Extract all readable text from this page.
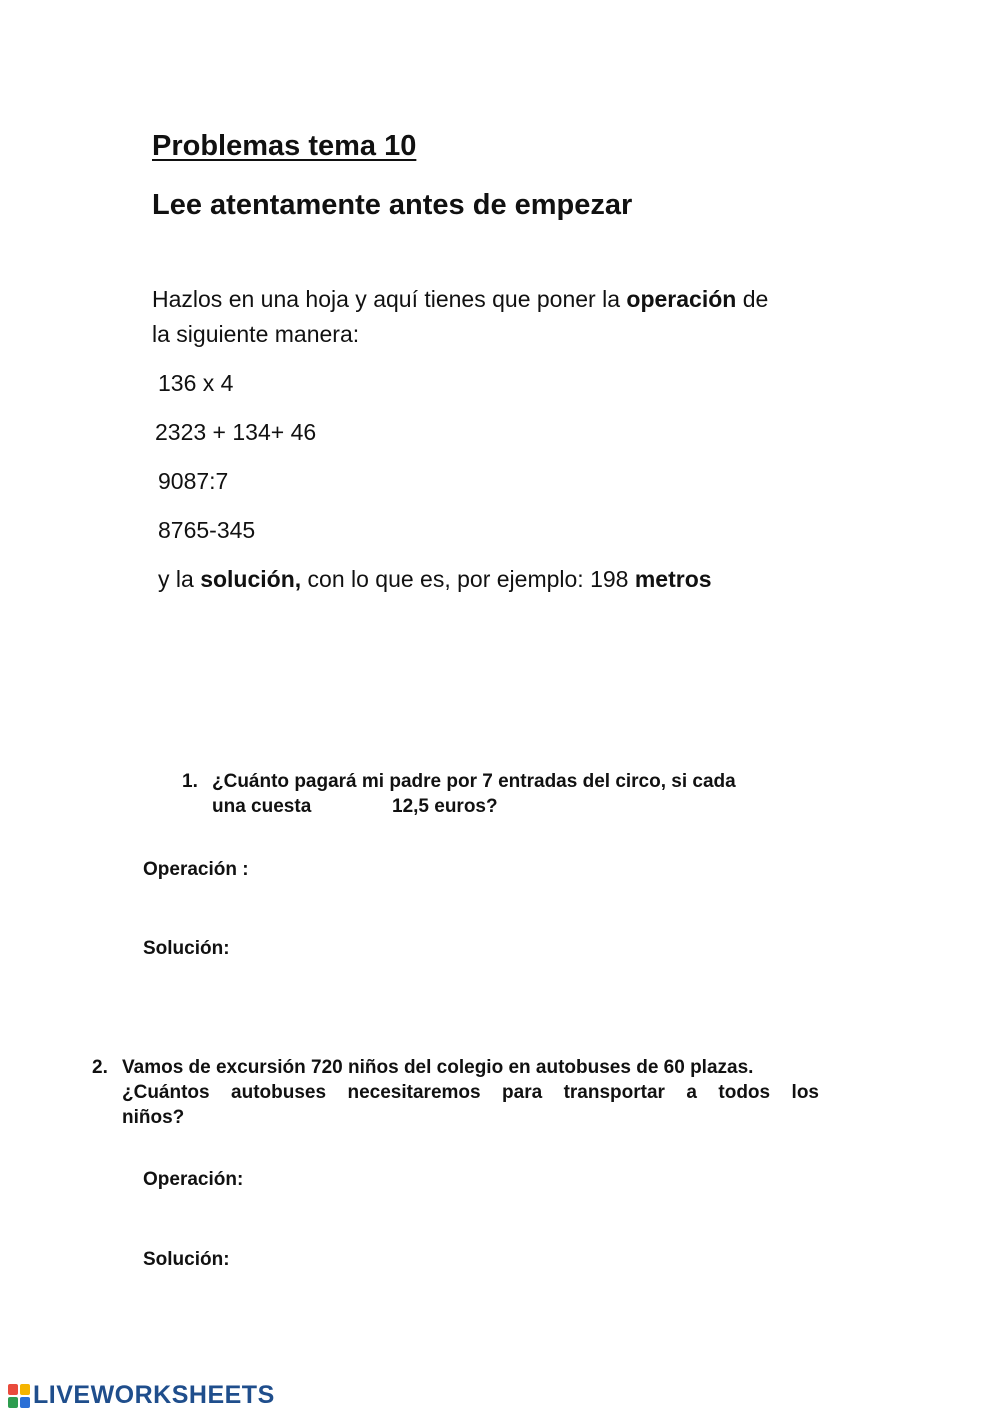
Problemas tema 10
Lee atentamente antes de empezar
Hazlos en una hoja y aquí tienes que poner la operación de
la siguiente manera:
136 x 4
2323 + 134+ 46
9087:7
8765-345
y la solución, con lo que es, por ejemplo: 198 metros
1. ¿Cuánto pagará mi padre por 7 entradas del circo, si cada
una cuesta	12,5 euros?
Operación :
Solución:
2. Vamos de excursión 720 niños del colegio en autobuses de 60 plazas.
¿Cuántos autobuses necesitaremos para transportar a todos los
niños?
Operación:
Solución:
LIVEWORKSHEETS
